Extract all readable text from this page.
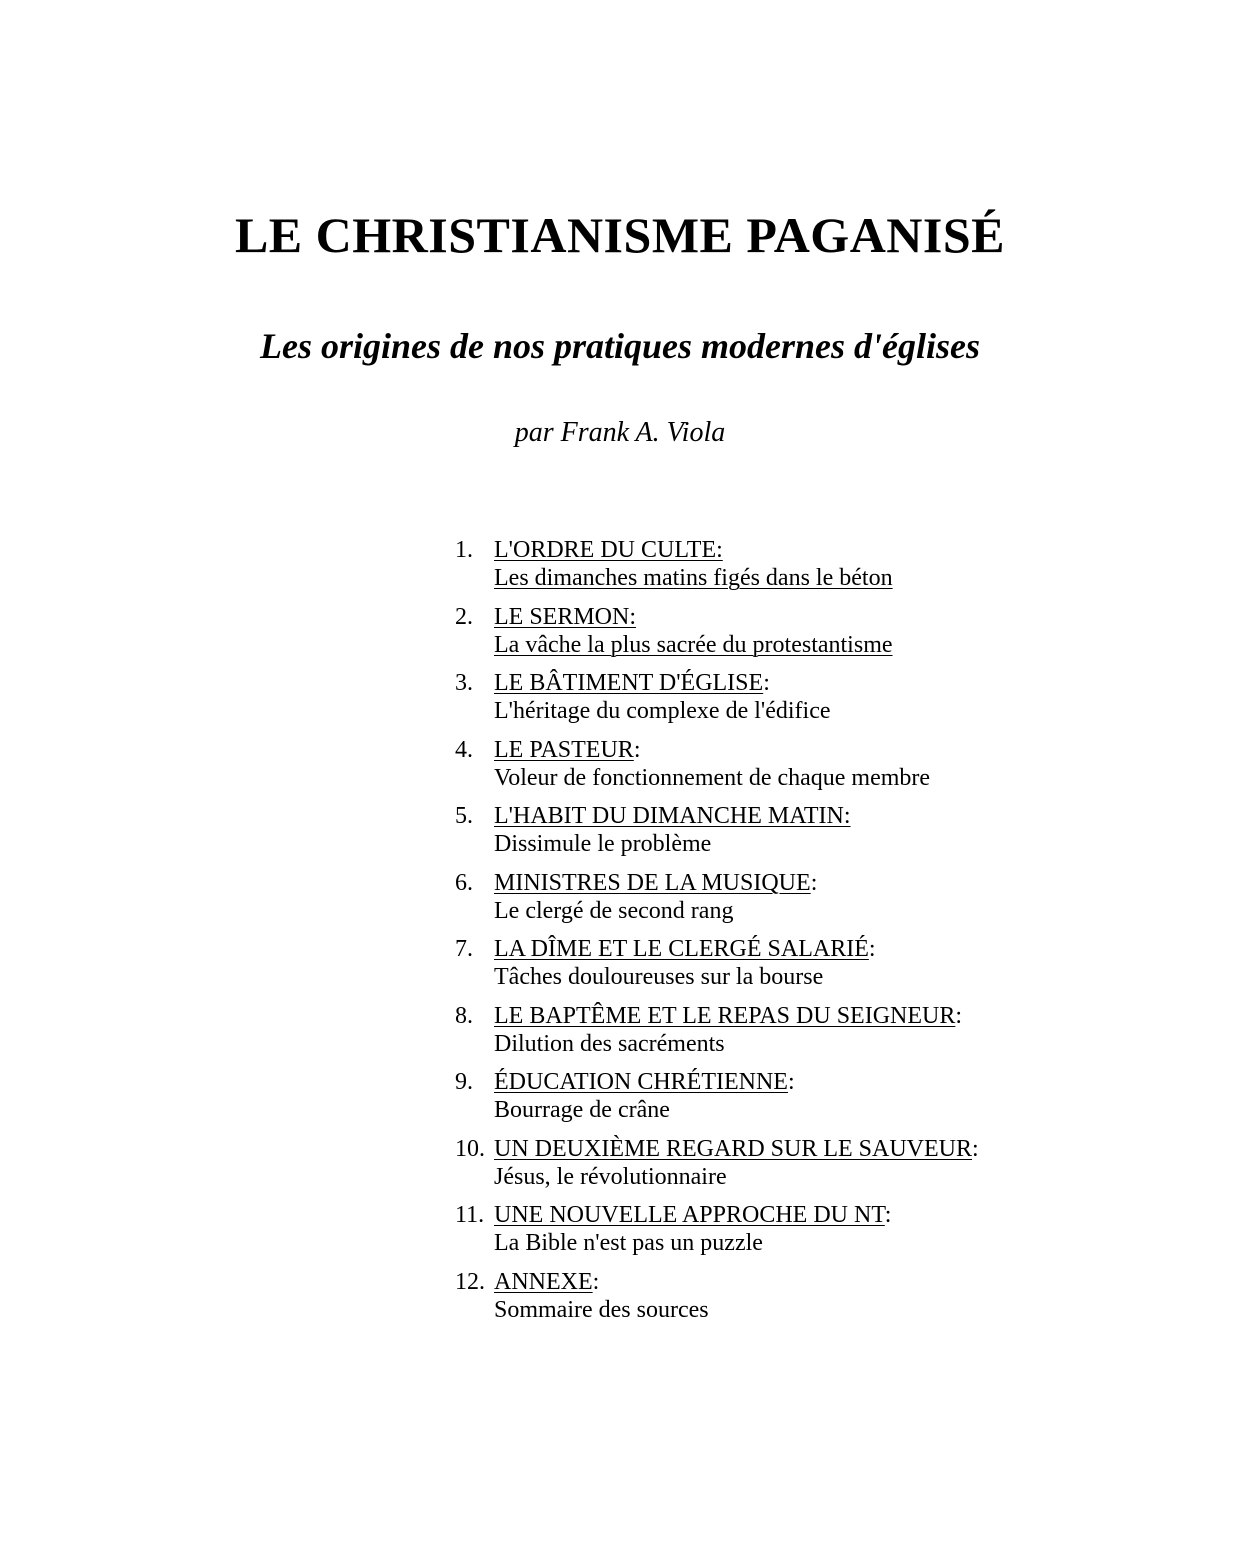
LE CHRISTIANISME PAGANISÉ
Les origines de nos pratiques modernes d'églises

par Frank A. Viola

1. L'ORDRE DU CULTE:
Les dimanches matins figés dans le béton
2. LE SERMON:
La vâche la plus sacrée du protestantisme
3. LE BÂTIMENT D'ÉGLISE:
L'héritage du complexe de l'édifice
4. LE PASTEUR:
Voleur de fonctionnement de chaque membre
5. L'HABIT DU DIMANCHE MATIN:
Dissimule le problème
6. MINISTRES DE LA MUSIQUE:
Le clergé de second rang
7. LA DÎME ET LE CLERGÉ SALARIÉ:
Tâches douloureuses sur la bourse
8. LE BAPTÊME ET LE REPAS DU SEIGNEUR:
Dilution des sacréments
9. ÉDUCATION CHRÉTIENNE:
Bourrage de crâne
10. UN DEUXIÈME REGARD SUR LE SAUVEUR:
Jésus, le révolutionnaire
11. UNE NOUVELLE APPROCHE DU NT:
La Bible n'est pas un puzzle
12. ANNEXE:
Sommaire des sources
